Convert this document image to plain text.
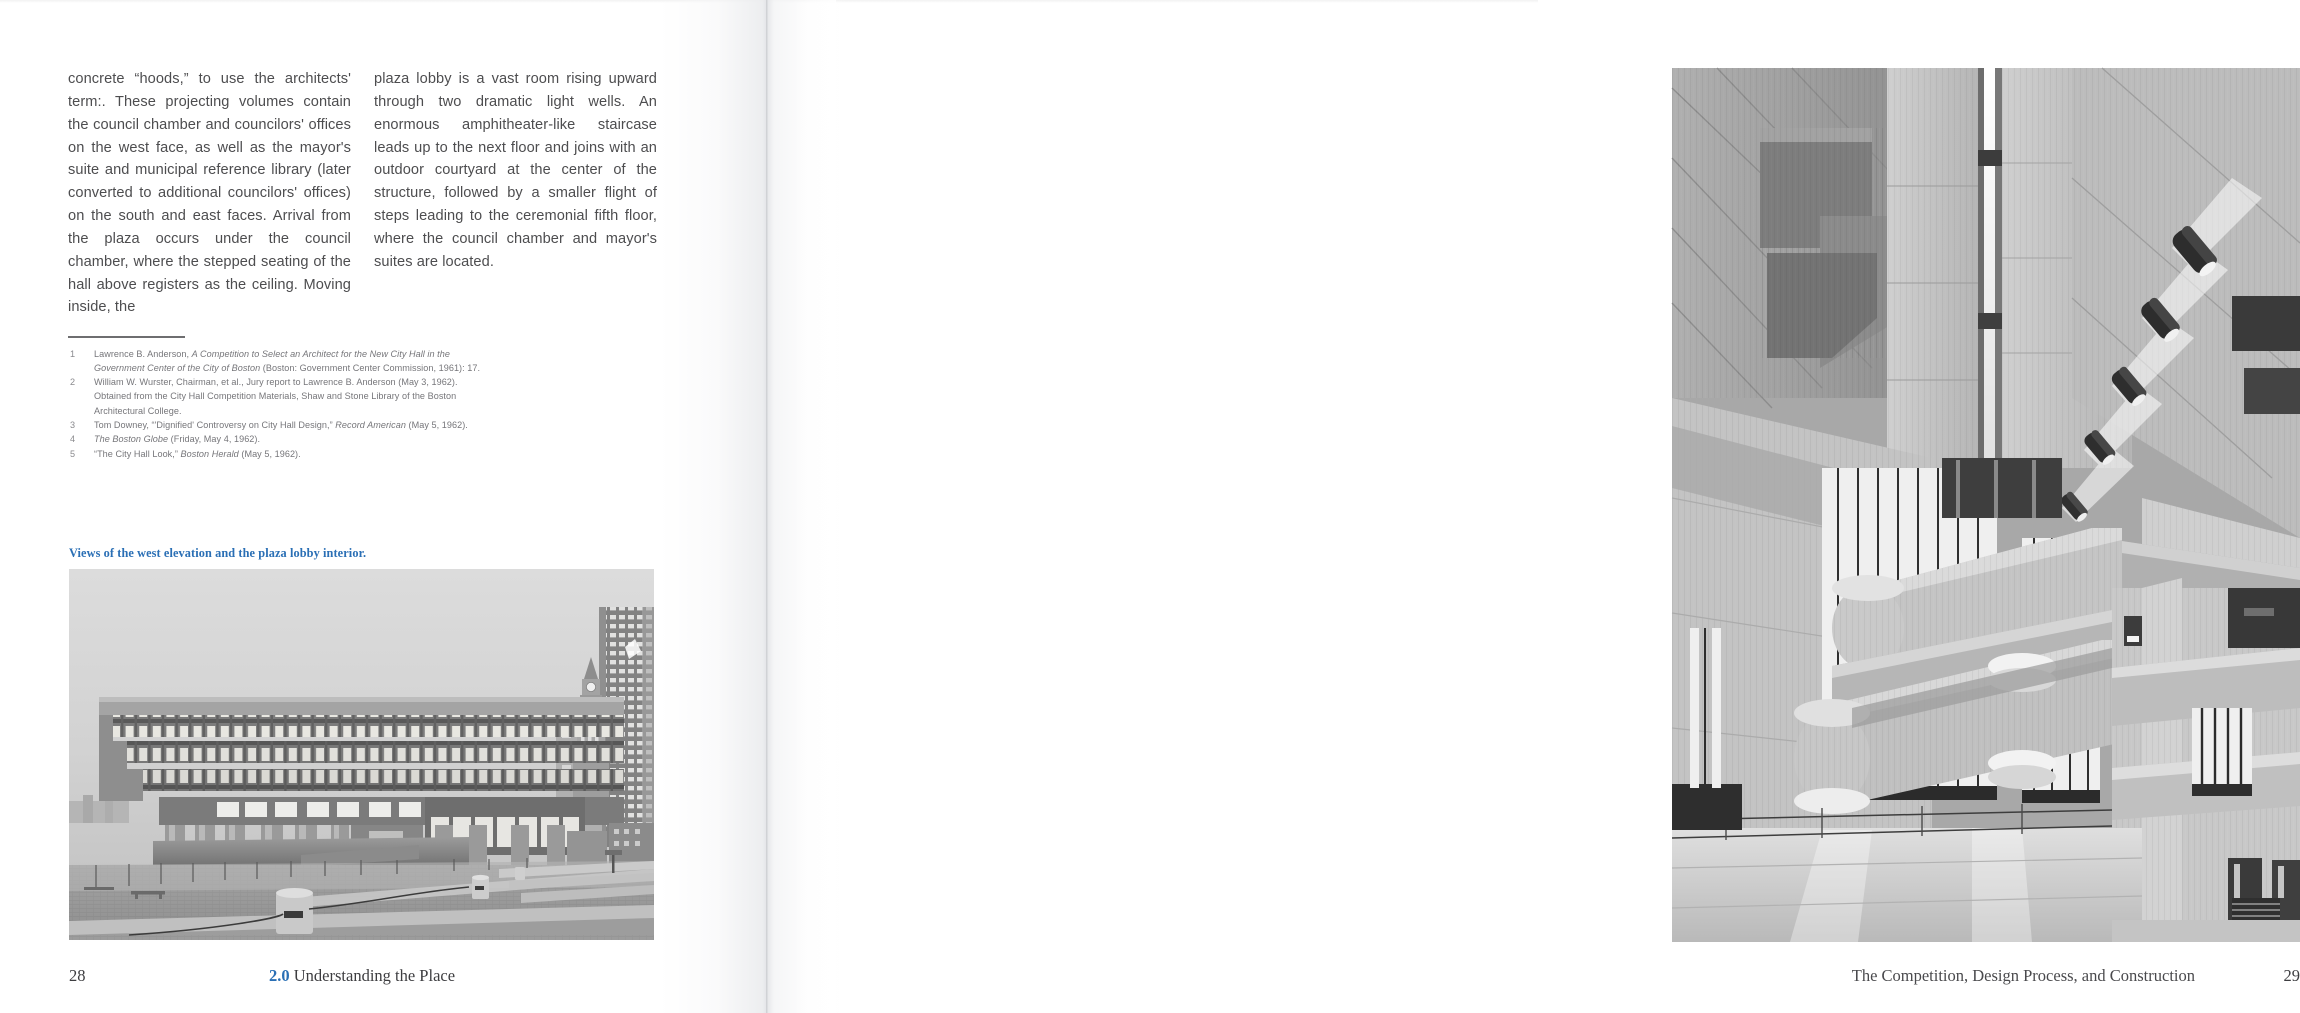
concrete “hoods,” to use the architects' term:. These projecting volumes contain the council chamber and councilors' offices on the west face, as well as the mayor's suite and municipal reference library (later converted to additional councilors' offices) on the south and east faces. Arrival from the plaza occurs under the council chamber, where the stepped seating of the hall above registers as the ceiling. Moving inside, the

plaza lobby is a vast room rising upward through two dramatic light wells. An enormous amphitheater-like staircase leads up to the next floor and joins with an outdoor courtyard at the center of the structure, followed by a smaller flight of steps leading to the ceremonial fifth floor, where the council chamber and mayor's suites are located.

1	Lawrence B. Anderson, A Competition to Select an Architect for the New City Hall in the Government Center of the City of Boston (Boston: Government Center Commission, 1961): 17.
2	William W. Wurster, Chairman, et al., Jury report to Lawrence B. Anderson (May 3, 1962). Obtained from the City Hall Competition Materials, Shaw and Stone Library of the Boston Architectural College.
3	Tom Downey, “'Dignified' Controversy on City Hall Design,” Record American (May 5, 1962).
4	The Boston Globe (Friday, May 4, 1962).
5	“The City Hall Look,” Boston Herald (May 5, 1962).
Views of the west elevation and the plaza lobby interior.
28	2.0 Understanding the Place	The Competition, Design Process, and Construction	29
